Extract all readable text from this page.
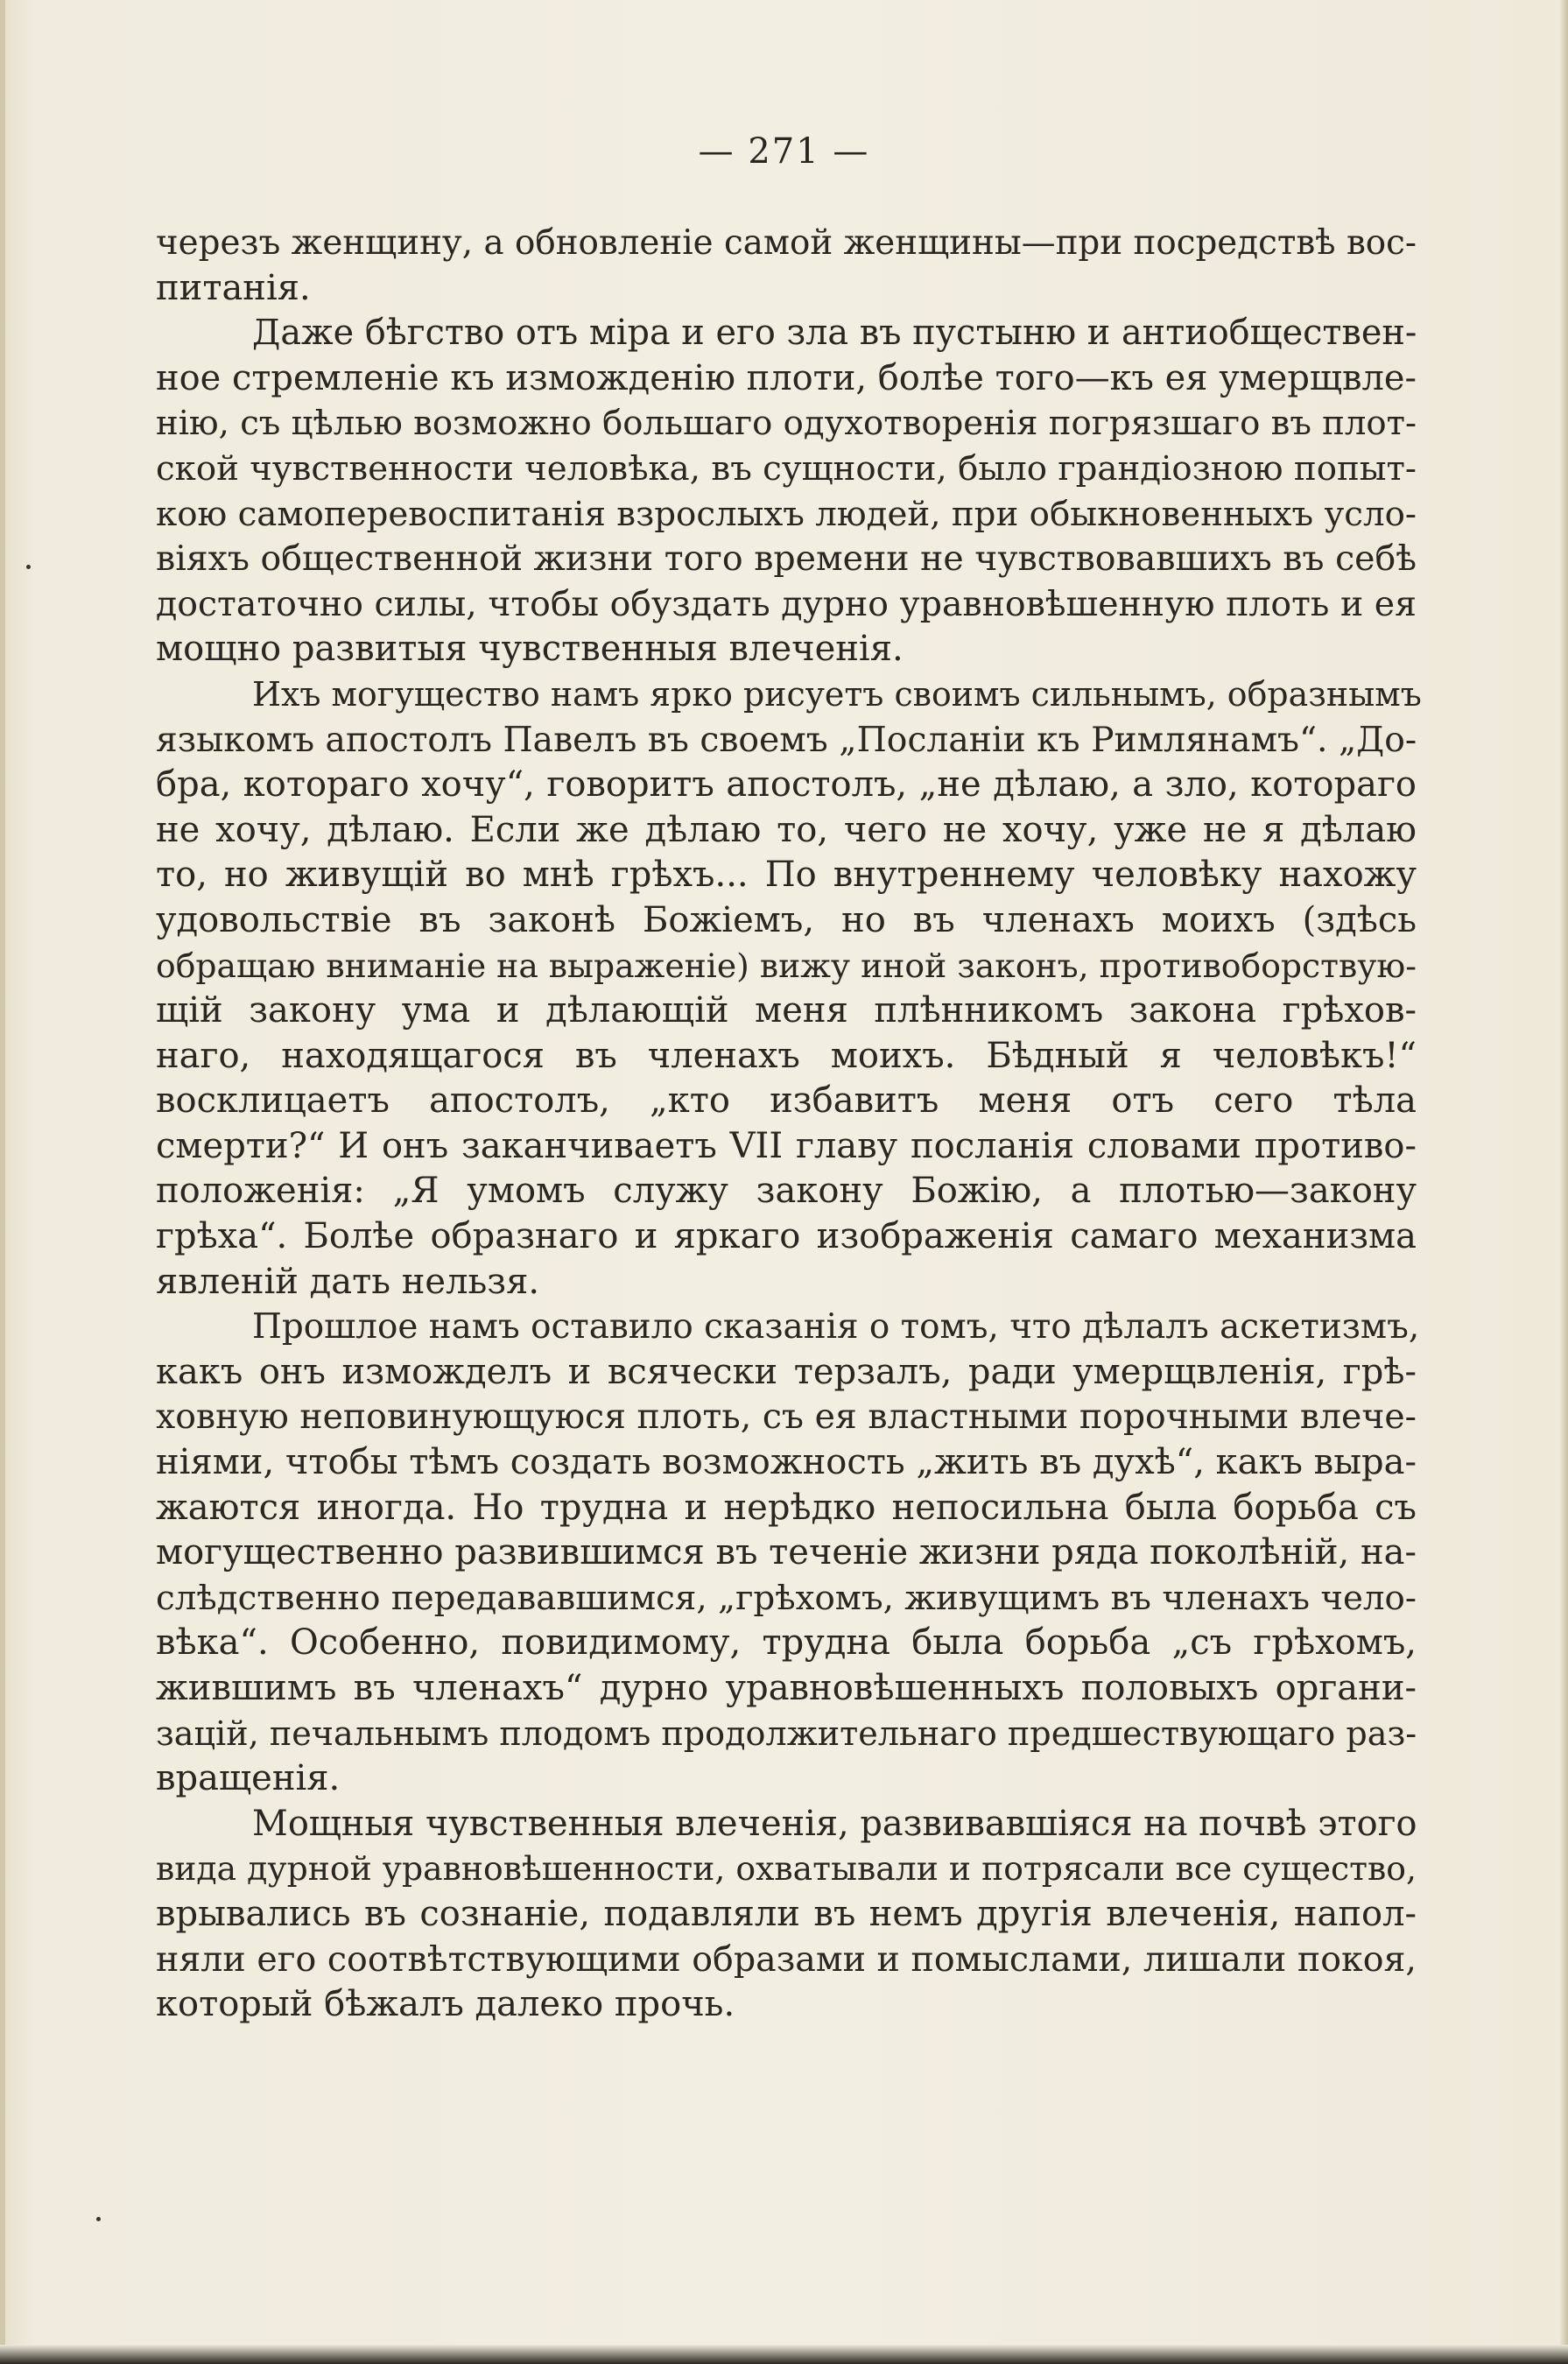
— 271 —

черезъ женщину, а обновленіе самой женщины—при посредствѣ вос-
питанія.

Даже бѣгство отъ міра и его зла въ пустыню и антиобществен-
ное стремленіе къ изможденію плоти, болѣе того—къ ея умерщвле-
нію, съ цѣлью возможно большаго одухотворенія погрязшаго въ плот-
ской чувственности человѣка, въ сущности, было грандіозною попыт-
кою самоперевоспитанія взрослыхъ людей, при обыкновенныхъ усло-
віяхъ общественной жизни того времени не чувствовавшихъ въ себѣ
достаточно силы, чтобы обуздать дурно уравновѣшенную плоть и ея
мощно развитыя чувственныя влеченія.

Ихъ могущество намъ ярко рисуетъ своимъ сильнымъ, образнымъ
языкомъ апостолъ Павелъ въ своемъ „Посланіи къ Римлянамъ“. „До-
бра, котораго хочу“, говоритъ апостолъ, „не дѣлаю, а зло, котораго
не хочу, дѣлаю. Если же дѣлаю то, чего не хочу, уже не я дѣлаю
то, но живущій во мнѣ грѣхъ... По внутреннему человѣку нахожу
удовольствіе въ законѣ Божіемъ, но въ членахъ моихъ (здѣсь
обращаю вниманіе на выраженіе) вижу иной законъ, противоборствую-
щій закону ума и дѣлающій меня плѣнникомъ закона грѣхов-
наго, находящагося въ членахъ моихъ. Бѣдный я человѣкъ!“
восклицаетъ апостолъ, „кто избавитъ меня отъ сего тѣла
смерти?“ И онъ заканчиваетъ VII главу посланія словами противо-
положенія: „Я умомъ служу закону Божію, а плотью—закону
грѣха“. Болѣе образнаго и яркаго изображенія самаго механизма
явленій дать нельзя.

Прошлое намъ оставило сказанія о томъ, что дѣлалъ аскетизмъ,
какъ онъ изможделъ и всячески терзалъ, ради умерщвленія, грѣ-
ховную неповинующуюся плоть, съ ея властными порочными влече-
ніями, чтобы тѣмъ создать возможность „жить въ духѣ“, какъ выра-
жаются иногда. Но трудна и нерѣдко непосильна была борьба съ
могущественно развившимся въ теченіе жизни ряда поколѣній, на-
слѣдственно передававшимся, „грѣхомъ, живущимъ въ членахъ чело-
вѣка“. Особенно, повидимому, трудна была борьба „съ грѣхомъ,
жившимъ въ членахъ“ дурно уравновѣшенныхъ половыхъ органи-
зацій, печальнымъ плодомъ продолжительнаго предшествующаго раз-
вращенія.

Мощныя чувственныя влеченія, развивавшіяся на почвѣ этого
вида дурной уравновѣшенности, охватывали и потрясали все существо,
врывались въ сознаніе, подавляли въ немъ другія влеченія, напол-
няли его соотвѣтствующими образами и помыслами, лишали покоя,
который бѣжалъ далеко прочь.
